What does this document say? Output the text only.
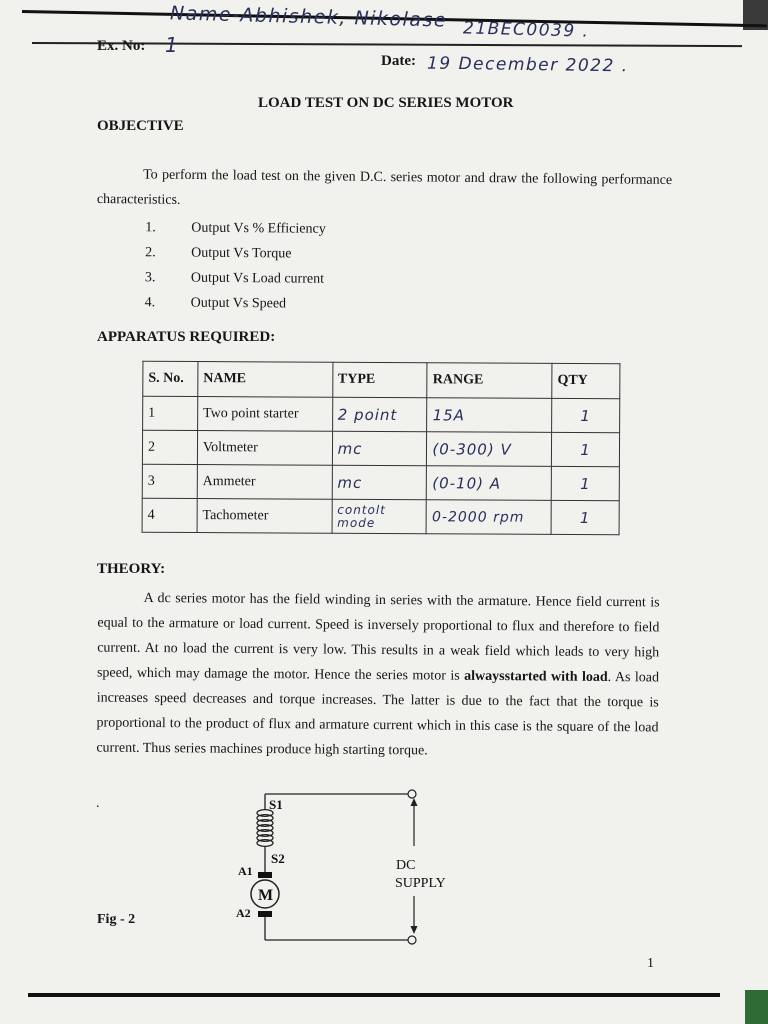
Name-Abhishek, Nikolase 21BEC0039 .
Ex. No: 1
Date: 19 December 2022 .
LOAD TEST ON DC SERIES MOTOR
OBJECTIVE
To perform the load test on the given D.C. series motor and draw the following performance characteristics.
1.	Output Vs % Efficiency
2.	Output Vs Torque
3.	Output Vs Load current
4.	Output Vs Speed
APPARATUS REQUIRED:
S. No.	NAME	TYPE	RANGE	QTY
1	Two point starter	2 point	15A	1
2	Voltmeter	mc	(0-300) V	1
3	Ammeter	mc	(0-10) A	1
4	Tachometer	contolt mode	0-2000 rpm	1
THEORY:

A dc series motor has the field winding in series with the armature. Hence field current is equal to the armature or load current. Speed is inversely proportional to flux and therefore to field current. At no load the current is very low. This results in a weak field which leads to very high speed, which may damage the motor. Hence the series motor is alwaysstarted with load. As load increases speed decreases and torque increases. The latter is due to the fact that the torque is proportional to the product of flux and armature current which in this case is the square of the load current. Thus series machines produce high starting torque.

.	S1
S2
A1
A2
M
DC
SUPPLY
Fig - 2
1
